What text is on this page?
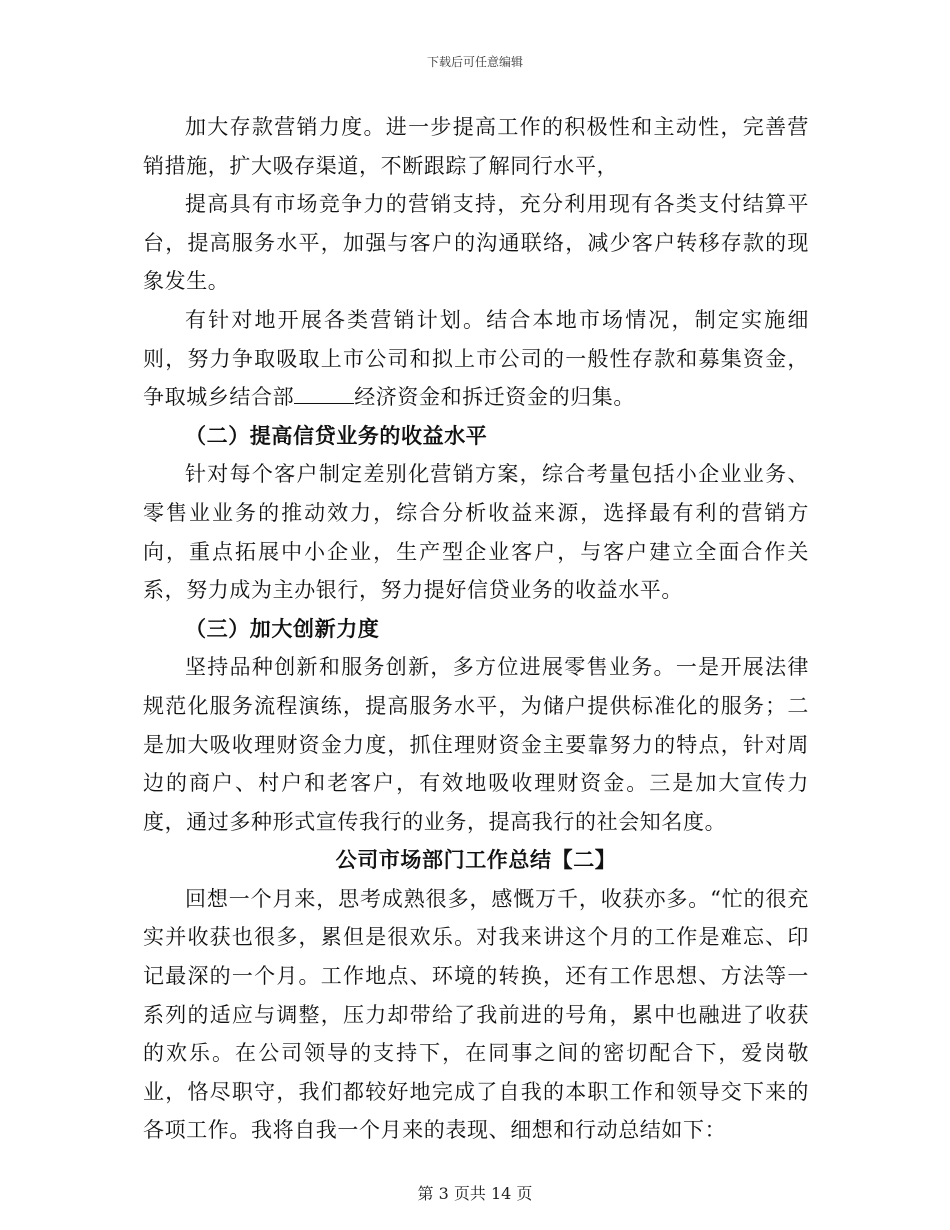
下载后可任意编辑

加大存款营销力度。进一步提高工作的积极性和主动性，完善营销措施，扩大吸存渠道，不断跟踪了解同行水平，

提高具有市场竞争力的营销支持，充分利用现有各类支付结算平台，提高服务水平，加强与客户的沟通联络，减少客户转移存款的现象发生。

有针对地开展各类营销计划。结合本地市场情况，制定实施细则，努力争取吸取上市公司和拟上市公司的一般性存款和募集资金，争取城乡结合部	经济资金和拆迁资金的归集。

（二）提高信贷业务的收益水平

针对每个客户制定差别化营销方案，综合考量包括小企业业务、零售业业务的推动效力，综合分析收益来源，选择最有利的营销方向，重点拓展中小企业，生产型企业客户，与客户建立全面合作关系，努力成为主办银行，努力提好信贷业务的收益水平。

（三）加大创新力度

坚持品种创新和服务创新，多方位进展零售业务。一是开展法律规范化服务流程演练，提高服务水平，为储户提供标准化的服务；二是加大吸收理财资金力度，抓住理财资金主要靠努力的特点，针对周边的商户、村户和老客户，有效地吸收理财资金。三是加大宣传力度，通过多种形式宣传我行的业务，提高我行的社会知名度。

公司市场部门工作总结【二】

回想一个月来，思考成熟很多，感慨万千，收获亦多。“忙的很充实并收获也很多，累但是很欢乐。对我来讲这个月的工作是难忘、印记最深的一个月。工作地点、环境的转换，还有工作思想、方法等一系列的适应与调整，压力却带给了我前进的号角，累中也融进了收获的欢乐。在公司领导的支持下，在同事之间的密切配合下，爱岗敬业，恪尽职守，我们都较好地完成了自我的本职工作和领导交下来的各项工作。我将自我一个月来的表现、细想和行动总结如下：

第 3 页共 14 页
